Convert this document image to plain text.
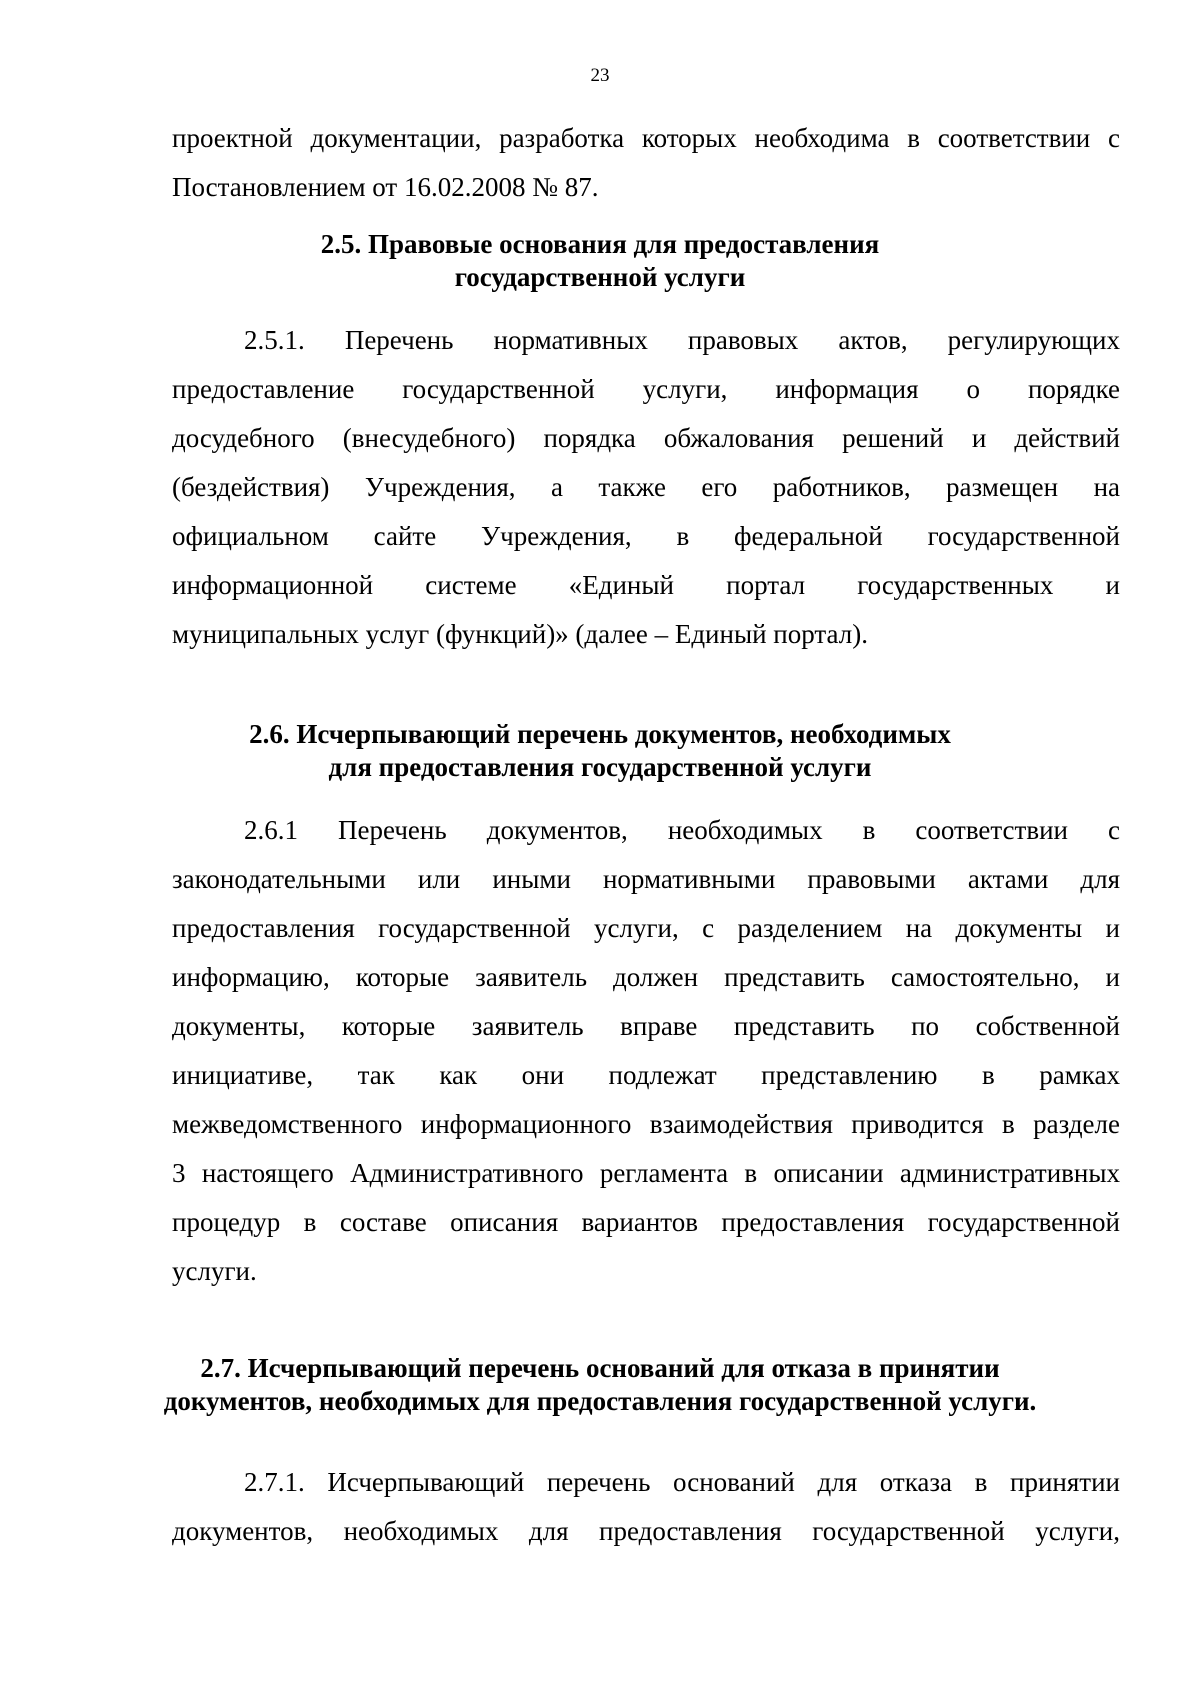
23
проектной документации, разработка которых необходима в соответствии с
Постановлением от 16.02.2008 № 87.
2.5. Правовые основания для предоставления
государственной услуги
2.5.1. Перечень нормативных правовых актов, регулирующих
предоставление государственной услуги, информация о порядке
досудебного (внесудебного) порядка обжалования решений и действий
(бездействия) Учреждения, а также его работников, размещен на
официальном сайте Учреждения, в федеральной государственной
информационной системе «Единый портал государственных и
муниципальных услуг (функций)» (далее – Единый портал).
2.6. Исчерпывающий перечень документов, необходимых
для предоставления государственной услуги
2.6.1 Перечень документов, необходимых в соответствии с
законодательными или иными нормативными правовыми актами для
предоставления государственной услуги, с разделением на документы и
информацию, которые заявитель должен представить самостоятельно, и
документы, которые заявитель вправе представить по собственной
инициативе, так как они подлежат представлению в рамках
межведомственного информационного взаимодействия приводится в разделе
3 настоящего Административного регламента в описании административных
процедур в составе описания вариантов предоставления государственной
услуги.
2.7. Исчерпывающий перечень оснований для отказа в принятии
документов, необходимых для предоставления государственной услуги.
2.7.1. Исчерпывающий перечень оснований для отказа в принятии
документов, необходимых для предоставления государственной услуги,
